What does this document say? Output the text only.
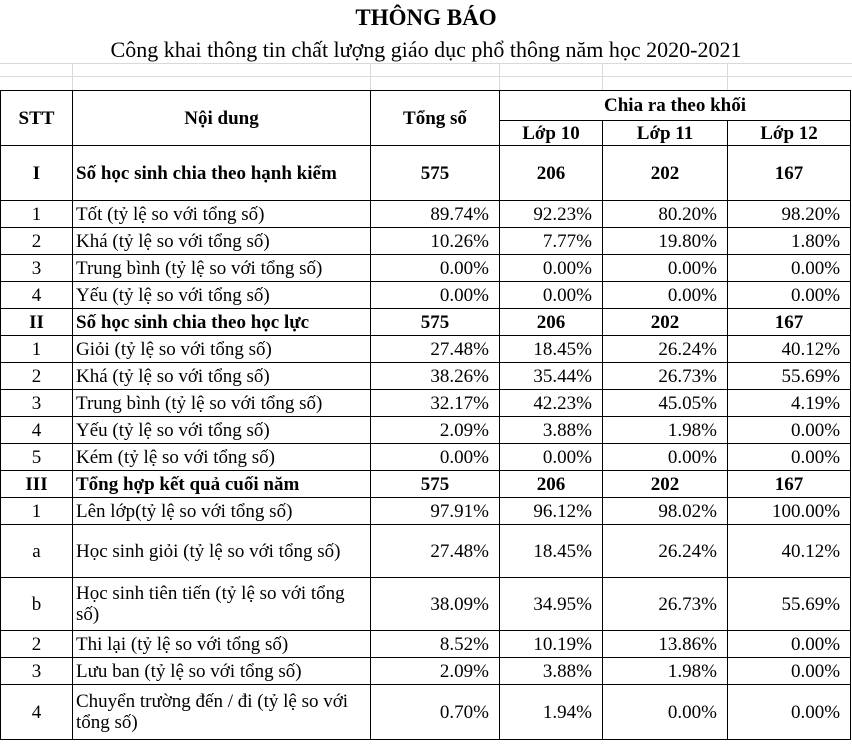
THÔNG BÁO
Công khai thông tin chất lượng giáo dục phổ thông năm học 2020-2021
STT	Nội dung	Tổng số	Chia ra theo khối		
			Lớp 10	Lớp 11	Lớp 12
I	Số học sinh chia theo hạnh kiểm	575	206	202	167
1	Tốt (tỷ lệ so với tổng số)	89.74%	92.23%	80.20%	98.20%
2	Khá (tỷ lệ so với tổng số)	10.26%	7.77%	19.80%	1.80%
3	Trung bình (tỷ lệ so với tổng số)	0.00%	0.00%	0.00%	0.00%
4	Yếu (tỷ lệ so với tổng số)	0.00%	0.00%	0.00%	0.00%
II	Số học sinh chia theo học lực	575	206	202	167
1	Giỏi (tỷ lệ so với tổng số)	27.48%	18.45%	26.24%	40.12%
2	Khá (tỷ lệ so với tổng số)	38.26%	35.44%	26.73%	55.69%
3	Trung bình (tỷ lệ so với tổng số)	32.17%	42.23%	45.05%	4.19%
4	Yếu (tỷ lệ so với tổng số)	2.09%	3.88%	1.98%	0.00%
5	Kém (tỷ lệ so với tổng số)	0.00%	0.00%	0.00%	0.00%
III	Tổng hợp kết quả cuối năm	575	206	202	167
1	Lên lớp(tỷ lệ so với tổng số)	97.91%	96.12%	98.02%	100.00%
a	Học sinh giỏi (tỷ lệ so với tổng số)	27.48%	18.45%	26.24%	40.12%
b	Học sinh tiên tiến (tỷ lệ so với tổng số)	38.09%	34.95%	26.73%	55.69%
2	Thi lại (tỷ lệ so với tổng số)	8.52%	10.19%	13.86%	0.00%
3	Lưu ban (tỷ lệ so với tổng số)	2.09%	3.88%	1.98%	0.00%
4	Chuyển trường đến / đi (tỷ lệ so với tổng số)	0.70%	1.94%	0.00%	0.00%
